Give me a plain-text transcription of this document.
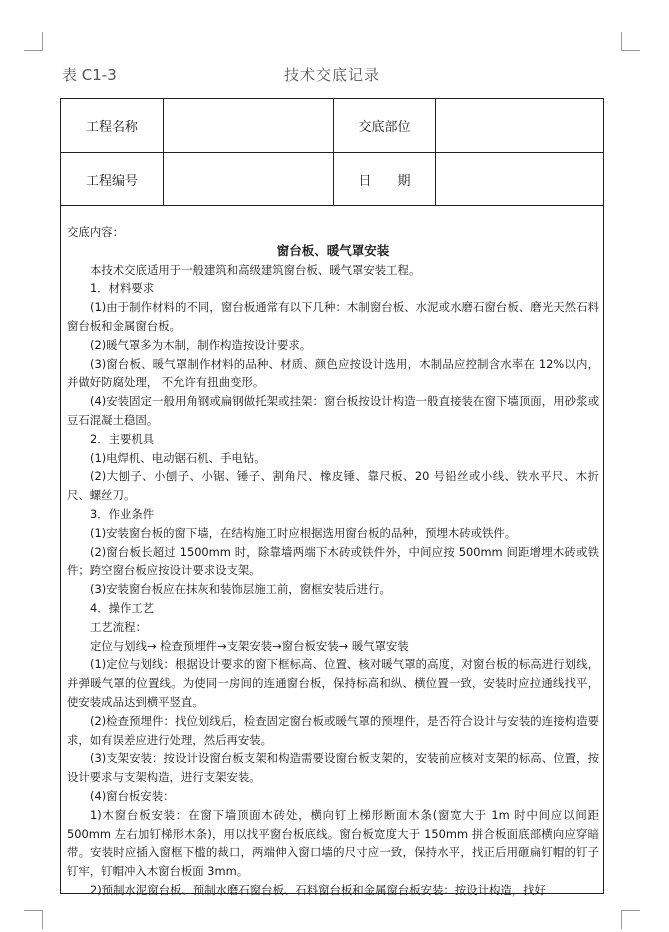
表 C1-3	技术交底记录
工程名称	交底部位
工程编号	日　　期

交底内容：

窗台板、暖气罩安装

本技术交底适用于一般建筑和高级建筑窗台板、暖气罩安装工程。

1．材料要求

(1)由于制作材料的不同，窗台板通常有以下几种：木制窗台板、水泥或水磨石窗台板、磨光天然石料窗台板和金属窗台板。

(2)暖气罩多为木制，制作构造按设计要求。

(3)窗台板、暖气罩制作材料的品种、材质、颜色应按设计选用，木制品应控制含水率在 12%以内，并做好防腐处理， 不允许有扭曲变形。

(4)安装固定一般用角钢或扁钢做托架或挂架：窗台板按设计构造一般直接装在窗下墙顶面，用砂浆或豆石混凝土稳固。

2．主要机具

(1)电焊机、电动锯石机、手电钻。

(2)大刨子、小刨子、小锯、锤子、割角尺、橡皮锤、靠尺板、20 号铅丝或小线、铁水平尺、木折尺、螺丝刀。

3．作业条件

(1)安装窗台板的窗下墙，在结构施工时应根据选用窗台板的品种，预埋木砖或铁件。

(2)窗台板长超过 1500mm 时，除靠墙两端下木砖或铁件外，中间应按 500mm 间距增埋木砖或铁件；跨空窗台板应按设计要求设支架。

(3)安装窗台板应在抹灰和装饰层施工前，窗框安装后进行。

4．操作工艺

工艺流程：

定位与划线→ 检查预埋件→支架安装→窗台板安装→ 暖气罩安装

(1)定位与划线：根据设计要求的窗下框标高、位置、核对暖气罩的高度，对窗台板的标高进行划线，并弹暖气罩的位置线。为使同一房间的连通窗台板，保持标高和纵、横位置一致，安装时应拉通线找平，使安装成品达到横平竖直。

(2)检查预埋件：找位划线后，检查固定窗台板或暖气罩的预埋件，是否符合设计与安装的连接构造要求，如有误差应进行处理，然后再安装。

(3)支架安装：按设计设窗台板支架和构造需要设窗台板支架的，安装前应核对支架的标高、位置，按设计要求与支架构造，进行支架安装。

(4)窗台板安装：

1)木窗台板安装：在窗下墙顶面木砖处，横向钉上梯形断面木条(窗宽大于 1m 时中间应以间距 500mm 左右加钉梯形木条)，用以找平窗台板底线。窗台板宽度大于 150mm 拼合板面底部横向应穿暗带。安装时应插入窗框下槛的裁口，两端伸入窗口墙的尺寸应一致，保持水平，找正后用砸扁钉帽的钉子钉牢，钉帽冲入木窗台板面 3mm。

2)预制水泥窗台板、预制水磨石窗台板、石料窗台板和金属窗台板安装：按设计构造，找好
